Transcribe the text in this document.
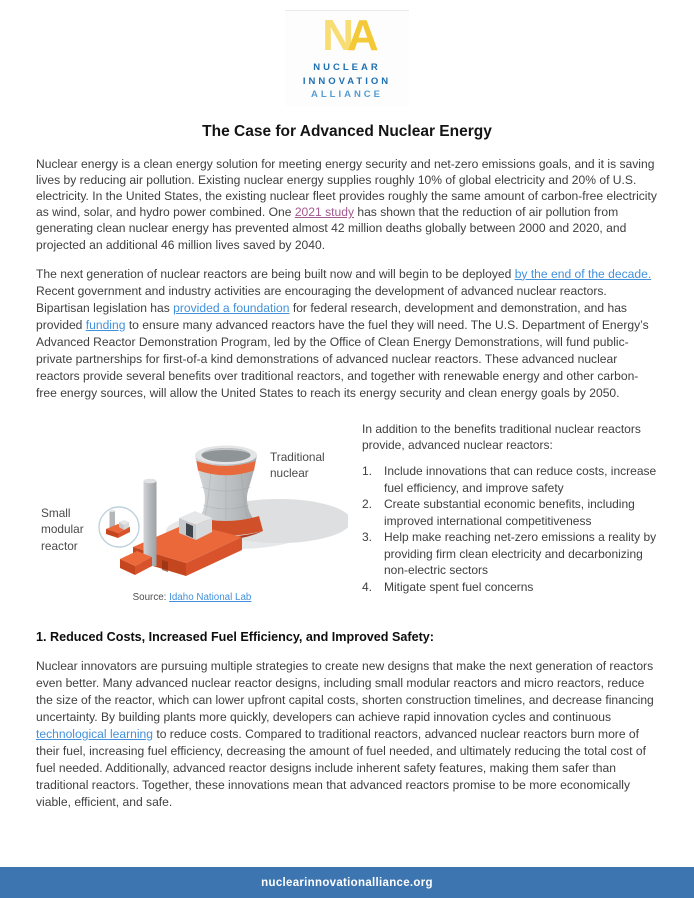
NA
NUCLEAR
INNOVATION
ALLIANCE
The Case for Advanced Nuclear Energy

Nuclear energy is a clean energy solution for meeting energy security and net-zero emissions goals, and it is saving lives by reducing air pollution. Existing nuclear energy supplies roughly 10% of global electricity and 20% of U.S. electricity. In the United States, the existing nuclear fleet provides roughly the same amount of carbon-free electricity as wind, solar, and hydro power combined. One 2021 study has shown that the reduction of air pollution from generating clean nuclear energy has prevented almost 42 million deaths globally between 2000 and 2020, and projected an additional 46 million lives saved by 2040.

The next generation of nuclear reactors are being built now and will begin to be deployed by the end of the decade. Recent government and industry activities are encouraging the development of advanced nuclear reactors. Bipartisan legislation has provided a foundation for federal research, development and demonstration, and has provided funding to ensure many advanced reactors have the fuel they will need. The U.S. Department of Energy’s Advanced Reactor Demonstration Program, led by the Office of Clean Energy Demonstrations, will fund public-private partnerships for first-of-a kind demonstrations of advanced nuclear reactors. These advanced nuclear reactors provide several benefits over traditional reactors, and together with renewable energy and other carbon-free energy sources, will allow the United States to reach its energy security and clean energy goals by 2050.

Traditional nuclear
Small modular reactor
Source: Idaho National Lab

In addition to the benefits traditional nuclear reactors provide, advanced nuclear reactors:

1. Include innovations that can reduce costs, increase fuel efficiency, and improve safety
2. Create substantial economic benefits, including improved international competitiveness
3. Help make reaching net-zero emissions a reality by providing firm clean electricity and decarbonizing non-electric sectors
4. Mitigate spent fuel concerns
1. Reduced Costs, Increased Fuel Efficiency, and Improved Safety:

Nuclear innovators are pursuing multiple strategies to create new designs that make the next generation of reactors even better. Many advanced nuclear reactor designs, including small modular reactors and micro reactors, reduce the size of the reactor, which can lower upfront capital costs, shorten construction timelines, and decrease financing uncertainty. By building plants more quickly, developers can achieve rapid innovation cycles and continuous technological learning to reduce costs. Compared to traditional reactors, advanced nuclear reactors burn more of their fuel, increasing fuel efficiency, decreasing the amount of fuel needed, and ultimately reducing the total cost of fuel needed. Additionally, advanced reactor designs include inherent safety features, making them safer than traditional reactors. Together, these innovations mean that advanced reactors promise to be more economically viable, efficient, and safe.

nuclearinnovationalliance.org
